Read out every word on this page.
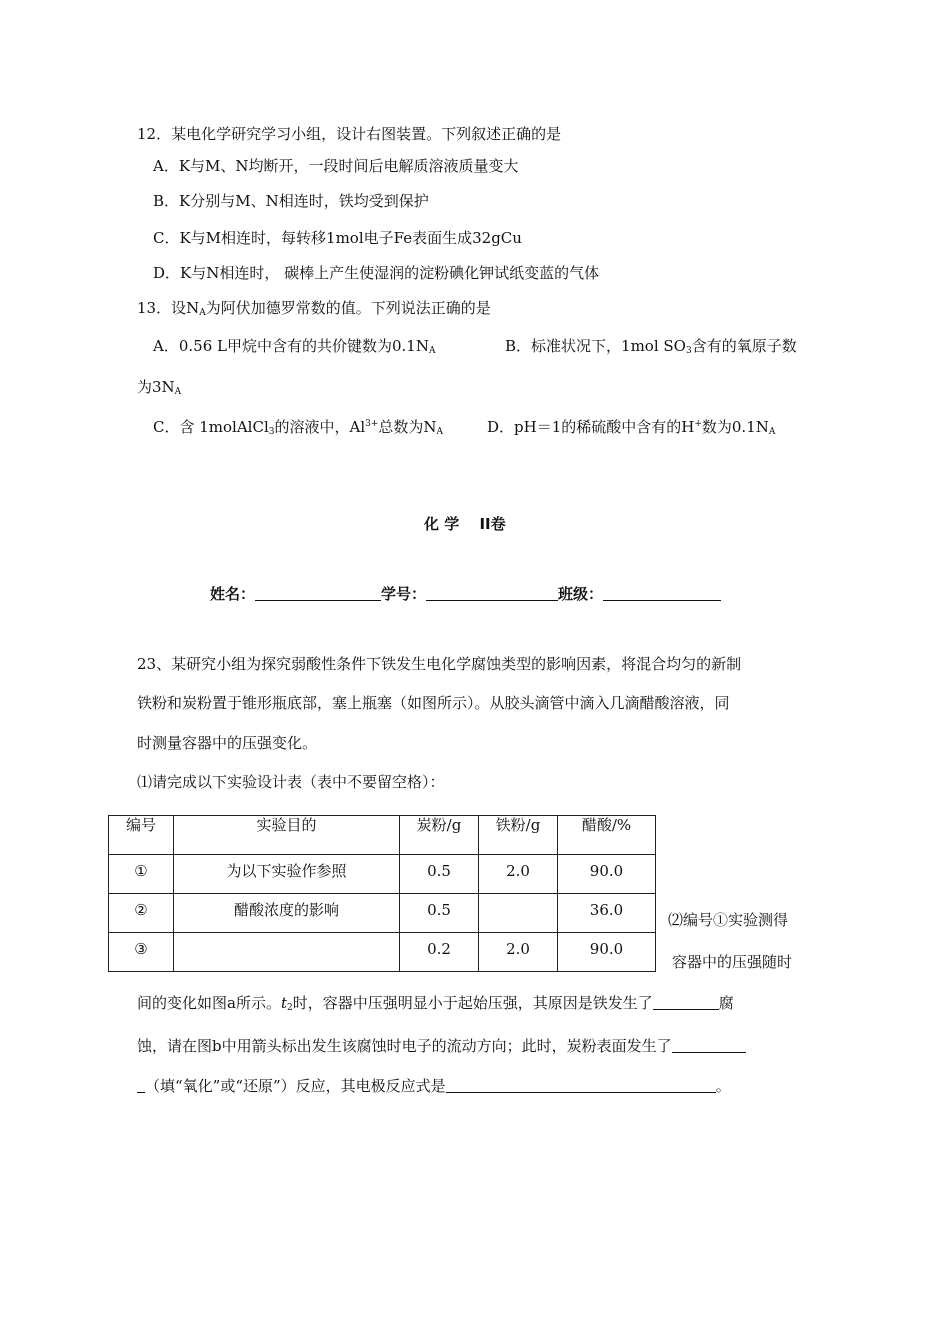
12．某电化学研究学习小组，设计右图装置。下列叙述正确的是
A．K与M、N均断开，一段时间后电解质溶液质量变大
B．K分别与M、N相连时，铁均受到保护
C．K与M相连时，每转移1mol电子Fe表面生成32gCu
D．K与N相连时， 碳棒上产生使湿润的淀粉碘化钾试纸变蓝的气体
13．设$N_A$为阿伏加德罗常数的值。下列说法正确的是
A．0.56 L甲烷中含有的共价键数为$0.1N_A$	B．标准状况下，1mol $SO_3$含有的氧原子数
为$3N_A$
C．含 1molAlCl$_3$的溶液中，$Al^{3+}$总数为$N_A$	D．pH＝1的稀硫酸中含有的H+数为$0.1N_A$
化 学　 II卷
姓名：	学号：	班级：
23、某研究小组为探究弱酸性条件下铁发生电化学腐蚀类型的影响因素，将混合均匀的新制
铁粉和炭粉置于锥形瓶底部，塞上瓶塞（如图所示）。从胶头滴管中滴入几滴醋酸溶液，同
时测量容器中的压强变化。
⑴请完成以下实验设计表（表中不要留空格）：
编号	实验目的	炭粉/g	铁粉/g	醋酸/%

①	为以下实验作参照	0.5	2.0	90.0

②	醋酸浓度的影响	0.5		36.0

③		0.2	2.0	90.0
⑵编号①实验测得
容器中的压强随时
间的变化如图a所示。$t_2$时，容器中压强明显小于起始压强，其原因是铁发生了	腐
蚀，请在图b中用箭头标出发生该腐蚀时电子的流动方向；此时，炭粉表面发生了
（填“氧化”或“还原”）反应，其电极反应式是	。
